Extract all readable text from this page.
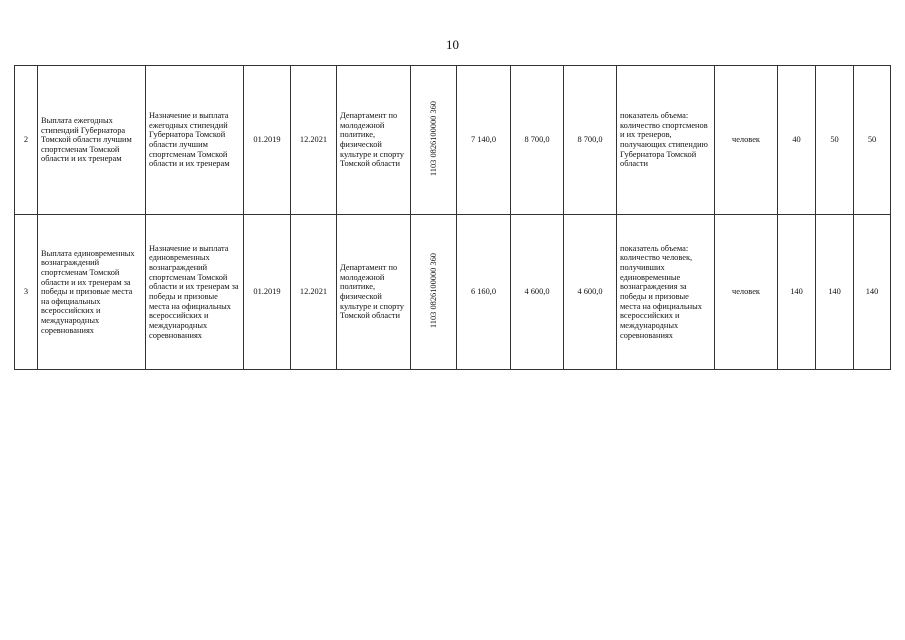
10
2	Выплата ежегодных стипендий Губернатора Томской области лучшим спортсменам Томской области и их тренерам	Назначение и выплата ежегодных стипендий Губернатора Томской области лучшим спортсменам Томской области и их тренерам	01.2019	12.2021	Департамент по молодежной политике, физической культуре и спорту Томской области	1103 0826100000 360	7 140,0	8 700,0	8 700,0	показатель объема: количество спортсменов и их тренеров, получающих стипендию Губернатора Томской области	человек	40	50	50
3	Выплата единовременных вознаграждений спортсменам Томской области и их тренерам за победы и призовые места на официальных всероссийских и международных соревнованиях	Назначение и выплата единовременных вознаграждений спортсменам Томской области и их тренерам за победы и призовые места на официальных всероссийских и международных соревнованиях	01.2019	12.2021	Департамент по молодежной политике, физической культуре и спорту Томской области	1103 0826100000 360	6 160,0	4 600,0	4 600,0	показатель объема: количество человек, получивших единовременные вознаграждения за победы и призовые места на официальных всероссийских и международных соревнованиях	человек	140	140	140
